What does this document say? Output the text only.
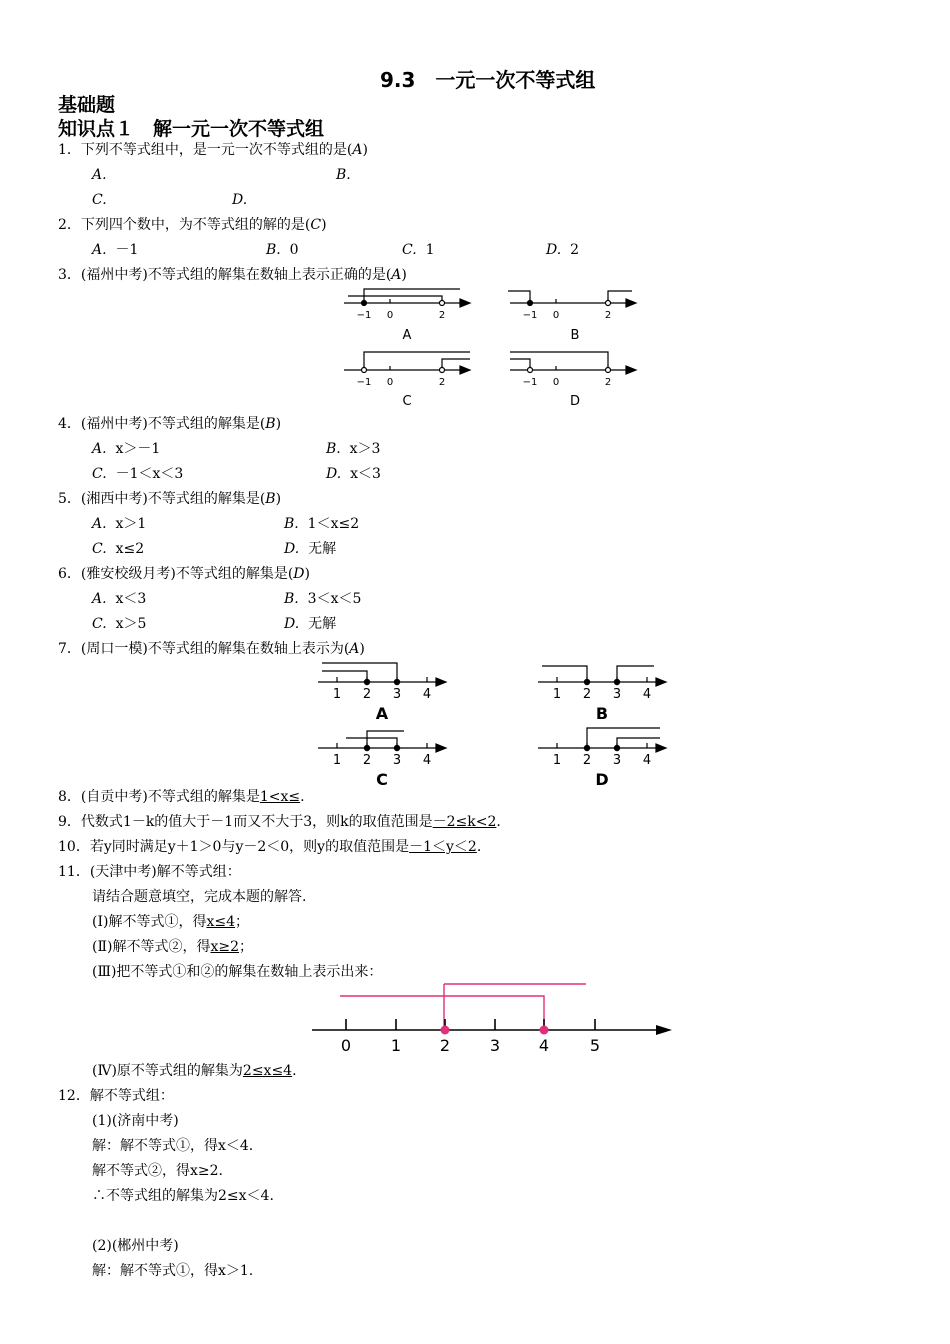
9.3　一元一次不等式组
基础题
知识点１　解一元一次不等式组
1．下列不等式组中，是一元一次不等式组的是(A)
A.	B.
C.	D.
2．下列四个数中，为不等式组的解的是(C)
A. －1	B. 0	C. 1	D. 2
3．(福州中考)不等式组的解集在数轴上表示正确的是(A)
−1 0	2	−1 0	2
−1 0	2	−1 0	2
A	B
C	D
4．(福州中考)不等式组的解集是(B)
A. x＞－1	B. x＞3
C. －1＜x＜3	D. x＜3
5．(湘西中考)不等式组的解集是(B)
A. x＞1	B. 1＜x≤2
C. x≤2	D. 无解
6．(雅安校级月考)不等式组的解集是(D)
A. x＜3	B. 3＜x＜5
C. x＞5	D. 无解
7．(周口一模)不等式组的解集在数轴上表示为(A)
1 2 3 4	1 2 3 4
1 2 3 4	1 2 3 4
A	B
C	D
8．(自贡中考)不等式组的解集是1<x≤.
9．代数式1－k的值大于－1而又不大于3，则k的取值范围是－2≤k<2.
10．若y同时满足y＋1＞0与y－2＜0，则y的取值范围是－1＜y＜2.
11．(天津中考)解不等式组：
请结合题意填空，完成本题的解答.
(Ⅰ)解不等式①，得x≤4；
(Ⅱ)解不等式②，得x≥2；
(Ⅲ)把不等式①和②的解集在数轴上表示出来：
0 1 2 3 4	5
(Ⅳ)原不等式组的解集为2≤x≤4.
12．解不等式组：
(1)(济南中考)
解：解不等式①，得x＜4.
解不等式②，得x≥2.
∴不等式组的解集为2≤x＜4.
(2)(郴州中考)
解：解不等式①，得x＞1.
